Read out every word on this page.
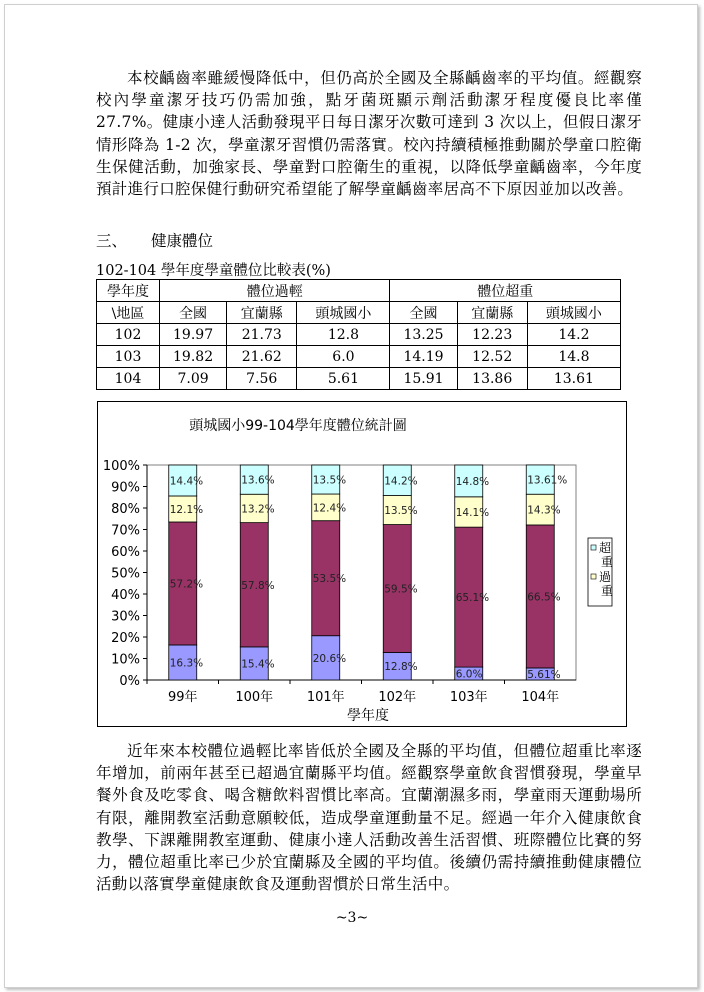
本校齲齒率雖緩慢降低中，但仍高於全國及全縣齲齒率的平均值。經觀察校內學童潔牙技巧仍需加強，點牙菌斑顯示劑活動潔牙程度優良比率僅27.7%。健康小達人活動發現平日每日潔牙次數可達到 3 次以上，但假日潔牙情形降為 1-2 次，學童潔牙習慣仍需落實。校內持續積極推動關於學童口腔衛生保健活動，加強家長、學童對口腔衛生的重視，以降低學童齲齒率，今年度預計進行口腔保健行動研究希望能了解學童齲齒率居高不下原因並加以改善。

三、 健康體位
102-104 學年度學童體位比較表(%)
學年度	體位過輕			體位超重		
\地區	全國	宜蘭縣	頭城國小	全國	宜蘭縣	頭城國小
102	19.97	21.73	12.8	13.25	12.23	14.2
103	19.82	21.62	6.0	14.19	12.52	14.8
104	7.09	7.56	5.61	15.91	13.86	13.61
頭城國小99-104學年度體位統計圖
學年度
0%
10%
20%
30%
40%
50%
60%
70%
80%
90%
100%
16.3%
57.2%
12.1%
14.4%
99年
15.4%
57.8%
13.2%
13.6%
100年
20.6%
53.5%
12.4%
13.5%
101年
12.8%
59.5%
13.5%
14.2%
102年
6.0%
65.1%
14.1%
14.8%
103年
5.61%
66.5%
14.3%
13.61%
104年
超重
過重

近年來本校體位過輕比率皆低於全國及全縣的平均值，但體位超重比率逐年增加，前兩年甚至已超過宜蘭縣平均值。經觀察學童飲食習慣發現，學童早餐外食及吃零食、喝含糖飲料習慣比率高。宜蘭潮濕多雨，學童雨天運動場所有限，離開教室活動意願較低，造成學童運動量不足。經過一年介入健康飲食教學、下課離開教室運動、健康小達人活動改善生活習慣、班際體位比賽的努力，體位超重比率已少於宜蘭縣及全國的平均值。後續仍需持續推動健康體位活動以落實學童健康飲食及運動習慣於日常生活中。

~3~
